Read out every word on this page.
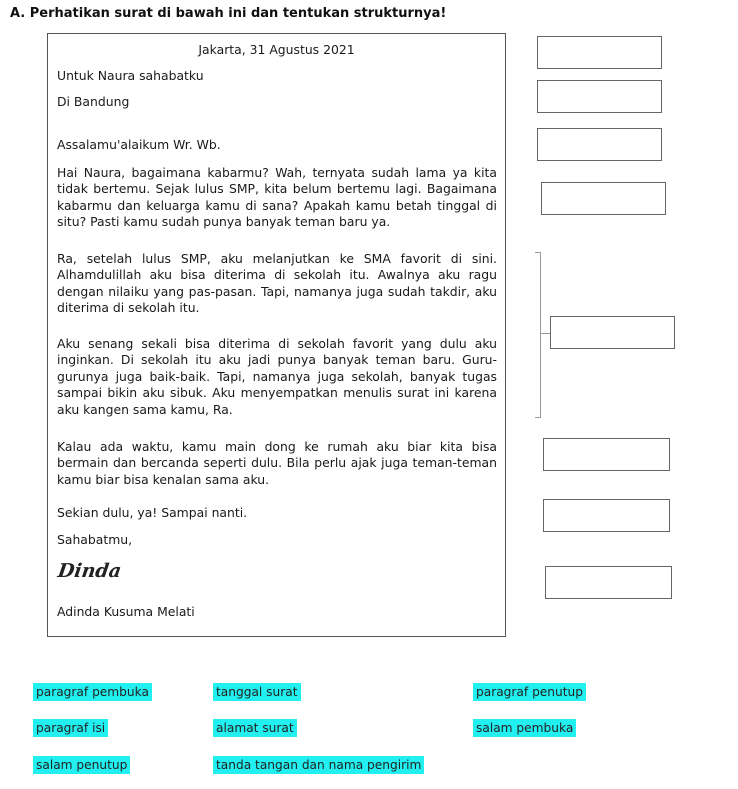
A. Perhatikan surat di bawah ini dan tentukan strukturnya!
Jakarta, 31 Agustus 2021
Untuk Naura sahabatku
Di Bandung
Assalamu'alaikum Wr. Wb.
Hai Naura, bagaimana kabarmu? Wah, ternyata sudah lama ya kita tidak bertemu. Sejak lulus SMP, kita belum bertemu lagi. Bagaimana kabarmu dan keluarga kamu di sana? Apakah kamu betah tinggal di situ? Pasti kamu sudah punya banyak teman baru ya.
Ra, setelah lulus SMP, aku melanjutkan ke SMA favorit di sini. Alhamdulillah aku bisa diterima di sekolah itu. Awalnya aku ragu dengan nilaiku yang pas-pasan. Tapi, namanya juga sudah takdir, aku diterima di sekolah itu.
Aku senang sekali bisa diterima di sekolah favorit yang dulu aku inginkan. Di sekolah itu aku jadi punya banyak teman baru. Guru-gurunya juga baik-baik. Tapi, namanya juga sekolah, banyak tugas sampai bikin aku sibuk. Aku menyempatkan menulis surat ini karena aku kangen sama kamu, Ra.
Kalau ada waktu, kamu main dong ke rumah aku biar kita bisa bermain dan bercanda seperti dulu. Bila perlu ajak juga teman-teman kamu biar bisa kenalan sama aku.
Sekian dulu, ya! Sampai nanti.
Sahabatmu,
Dinda
Adinda Kusuma Melati
paragraf pembuka	tanggal surat	paragraf penutup
paragraf isi	alamat surat	salam pembuka
salam penutup	tanda tangan dan nama pengirim
